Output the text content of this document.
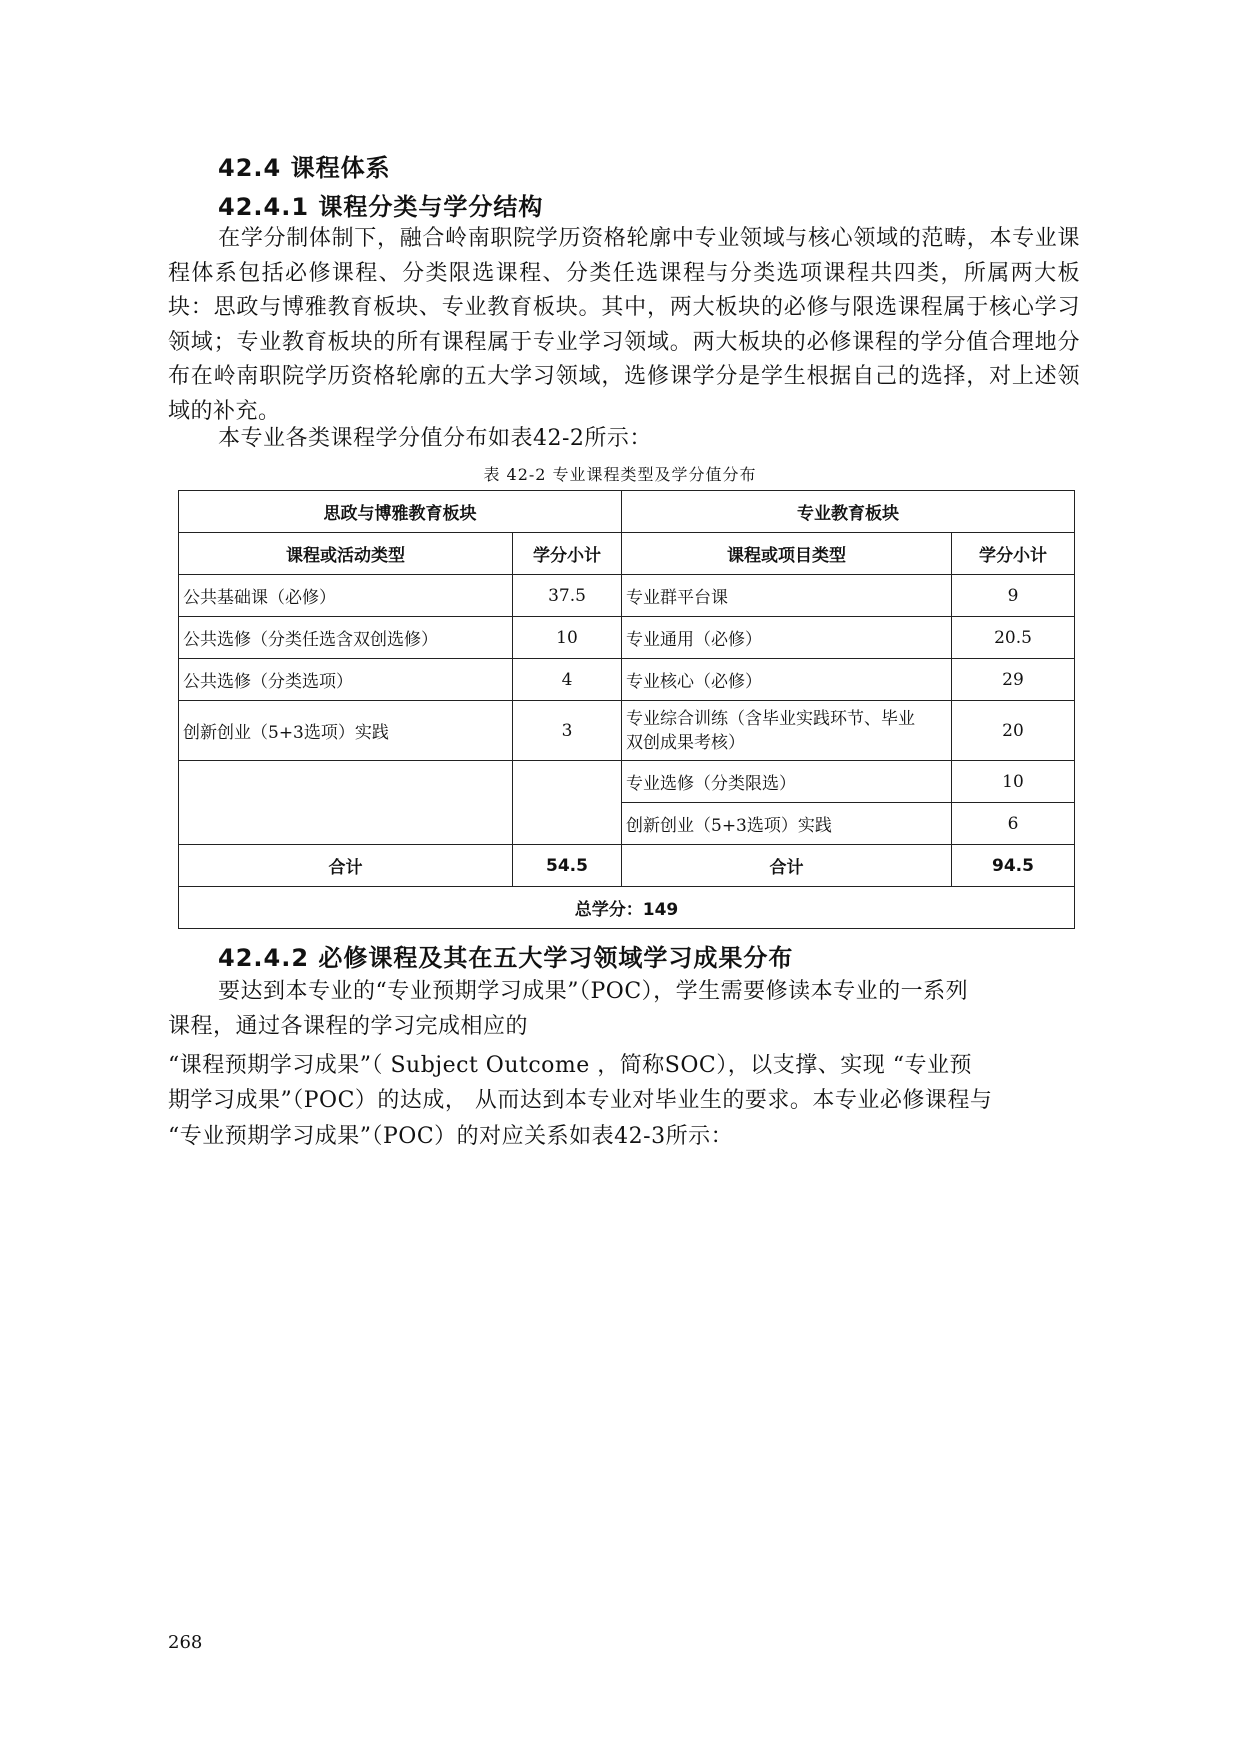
42.4 课程体系
42.4.1 课程分类与学分结构
在学分制体制下，融合岭南职院学历资格轮廓中专业领域与核心领域的范畴，本专业课程体系包括必修课程、分类限选课程、分类任选课程与分类选项课程共四类，所属两大板块：思政与博雅教育板块、专业教育板块。其中，两大板块的必修与限选课程属于核心学习领域；专业教育板块的所有课程属于专业学习领域。两大板块的必修课程的学分值合理地分布在岭南职院学历资格轮廓的五大学习领域，选修课学分是学生根据自己的选择，对上述领域的补充。
本专业各类课程学分值分布如表42-2所示：
表 42-2 专业课程类型及学分值分布
思政与博雅教育板块		专业教育板块	
课程或活动类型	学分小计	课程或项目类型	学分小计
公共基础课（必修）	37.5	专业群平台课	9
公共选修（分类任选含双创选修）	10	专业通用（必修）	20.5
公共选修（分类选项）	4	专业核心（必修）	29
创新创业（5+3选项）实践	3	专业综合训练（含毕业实践环节、毕业
双创成果考核）	20
		专业选修（分类限选）	10
		创新创业（5+3选项）实践	6
合计	54.5	合计	94.5
总学分：149			
42.4.2 必修课程及其在五大学习领域学习成果分布
要达到本专业的“专业预期学习成果”（POC），学生需要修读本专业的一系列
课程，通过各课程的学习完成相应的
“课程预期学习成果”（ Subject Outcome ，简称SOC），以支撑、实现 “专业预
期学习成果”（POC）的达成， 从而达到本专业对毕业生的要求。本专业必修课程与
“专业预期学习成果”（POC）的对应关系如表42-3所示：
268
